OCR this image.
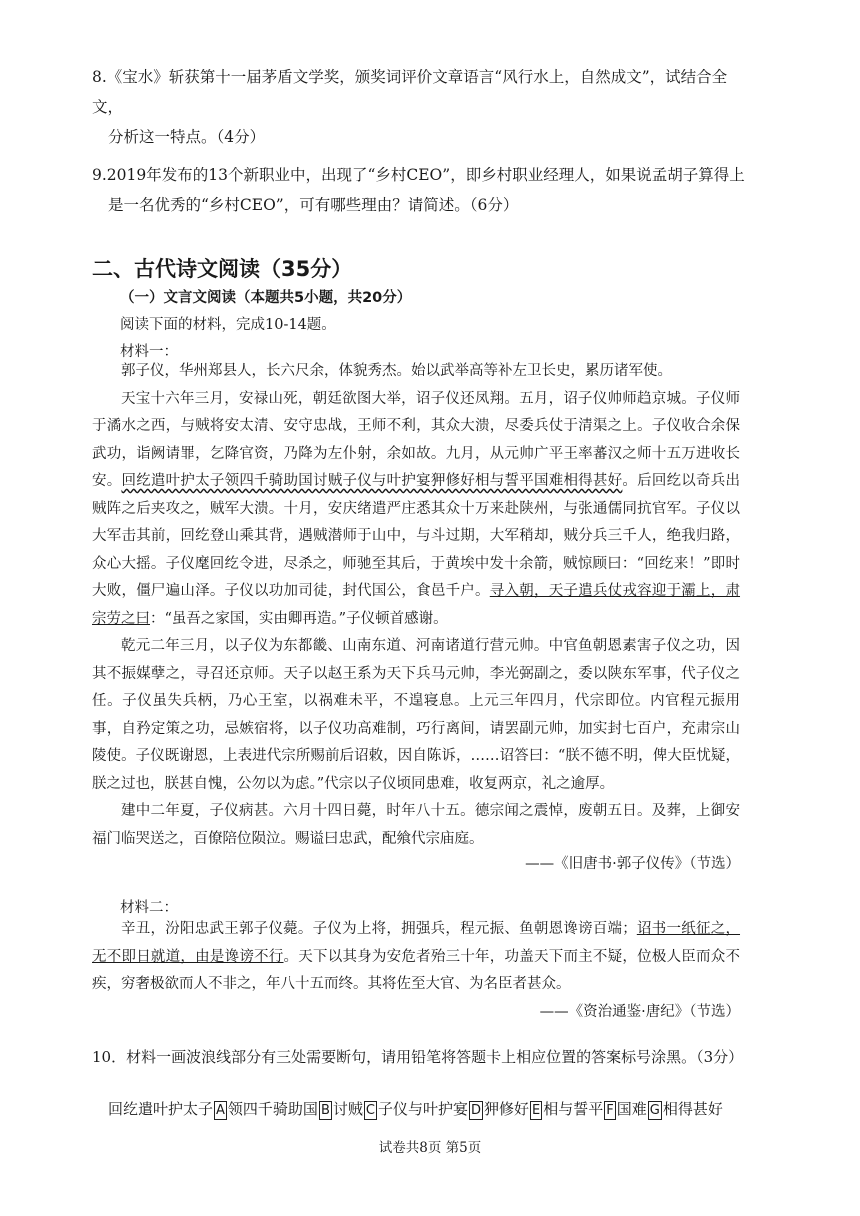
8.《宝水》斩获第十一届茅盾文学奖，颁奖词评价文章语言“风行水上，自然成文”，试结合全文，
分析这一特点。（4分）
9.2019年发布的13个新职业中，出现了“乡村CEO”，即乡村职业经理人，如果说孟胡子算得上
是一名优秀的“乡村CEO”，可有哪些理由？请简述。（6分）
二、古代诗文阅读（35分）
（一）文言文阅读（本题共5小题，共20分）
阅读下面的材料，完成10-14题。
材料一：

郭子仪，华州郑县人，长六尺余，体貌秀杰。始以武举高等补左卫长史，累历诸军使。

天宝十六年三月，安禄山死，朝廷欲图大举，诏子仪还凤翔。五月，诏子仪帅师趋京城。子仪师于潏水之西，与贼将安太清、安守忠战，王师不利，其众大溃，尽委兵仗于清渠之上。子仪收合余保武功，诣阙请罪，乞降官资，乃降为左仆射，余如故。九月，从元帅广平王率蕃汉之师十五万进收长安。回纥遣叶护太子领四千骑助国讨贼子仪与叶护宴狎修好相与誓平国难相得甚好。后回纥以奇兵出贼阵之后夹攻之，贼军大溃。十月，安庆绪遣严庄悉其众十万来赴陕州，与张通儒同抗官军。子仪以大军击其前，回纥登山乘其背，遇贼潜师于山中，与斗过期，大军稍却，贼分兵三千人，绝我归路，众心大摇。子仪麾回纥令进，尽杀之，师驰至其后，于黄埃中发十余箭，贼惊顾曰：“回纥来！”即时大败，僵尸遍山泽。子仪以功加司徒，封代国公，食邑千户。寻入朝，天子遣兵仗戎容迎于灞上，肃宗劳之曰：“虽吾之家国，实由卿再造。”子仪顿首感谢。

乾元二年三月，以子仪为东都畿、山南东道、河南诸道行营元帅。中官鱼朝恩素害子仪之功，因其不振媒孽之，寻召还京师。天子以赵王系为天下兵马元帅，李光弼副之，委以陕东军事，代子仪之任。子仪虽失兵柄，乃心王室，以祸难未平，不遑寝息。上元三年四月，代宗即位。内官程元振用事，自矜定策之功，忌嫉宿将，以子仪功高难制，巧行离间，请罢副元帅，加实封七百户，充肃宗山陵使。子仪既谢恩，上表进代宗所赐前后诏敕，因自陈诉，……诏答曰：“朕不德不明，俾大臣忧疑，朕之过也，朕甚自愧，公勿以为虑。”代宗以子仪顷同患难，收复两京，礼之逾厚。

建中二年夏，子仪病甚。六月十四日薨，时年八十五。德宗闻之震悼，废朝五日。及葬，上御安福门临哭送之，百僚陪位陨泣。赐谥曰忠武，配飨代宗庙庭。

——《旧唐书·郭子仪传》（节选）
材料二：

辛丑，汾阳忠武王郭子仪薨。子仪为上将，拥强兵，程元振、鱼朝恩谗谤百端；诏书一纸征之，无不即日就道，由是谗谤不行。天下以其身为安危者殆三十年，功盖天下而主不疑，位极人臣而众不疾，穷奢极欲而人不非之，年八十五而终。其将佐至大官、为名臣者甚众。

——《资治通鉴·唐纪》（节选）
10．材料一画波浪线部分有三处需要断句，请用铅笔将答题卡上相应位置的答案标号涂黑。（3分）
回纥遣叶护太子 A 领四千骑助国 B 讨贼 C 子仪与叶护宴 D 狎修好 E 相与誓平 F 国难 G 相得甚好
试卷共8页 第5页
